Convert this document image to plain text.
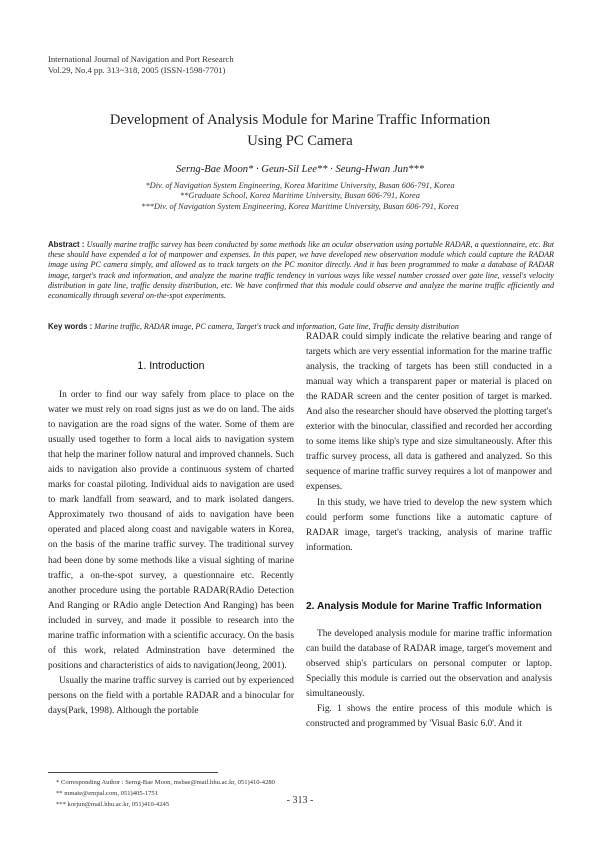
International Journal of Navigation and Port Research
Vol.29, No.4 pp. 313~318, 2005 (ISSN-1598-7701)
Development of Analysis Module for Marine Traffic Information
Using PC Camera
Serng-Bae Moon* · Geun-Sil Lee** · Seung-Hwan Jun***
*Div. of Navigation System Engineering, Korea Maritime University, Busan 606-791, Korea
**Graduate School, Korea Maritime University, Busan 606-791, Korea
***Div. of Navigation System Engineering, Korea Maritime University, Busan 606-791, Korea
Abstract : Usually marine traffic survey has been conducted by some methods like an ocular observation using portable RADAR, a questionnaire, etc. But these should have expended a lot of manpower and expenses. In this paper, we have developed new observation module which could capture the RADAR image using PC camera simply, and allowed as to track targets on the PC monitor directly. And it has been programmed to make a database of RADAR image, target's track and information, and analyze the marine traffic tendency in various ways like vessel number crossed over gate line, vessel's velocity distribution in gate line, traffic density distribution, etc. We have confirmed that this module could observe and analyze the marine traffic efficiently and economically through several on-the-spot experiments.
Key words : Marine traffic, RADAR image, PC camera, Target's track and information, Gate line, Traffic density distribution
1. Introduction

In order to find our way safely from place to place on the water we must rely on road signs just as we do on land. The aids to navigation are the road signs of the water. Some of them are usually used together to form a local aids to navigation system that help the mariner follow natural and improved channels. Such aids to navigation also provide a continuous system of charted marks for coastal piloting. Individual aids to navigation are used to mark landfall from seaward, and to mark isolated dangers. Approximately two thousand of aids to navigation have been operated and placed along coast and navigable waters in Korea, on the basis of the marine traffic survey. The traditional survey had been done by some methods like a visual sighting of marine traffic, a on-the-spot survey, a questionnaire etc. Recently another procedure using the portable RADAR(RAdio Detection And Ranging or RAdio angle Detection And Ranging) has been included in survey, and made it possible to research into the marine traffic information with a scientific accuracy. On the basis of this work, related Adminstration have determined the positions and characteristics of aids to navigation(Jeong, 2001).

Usually the marine traffic survey is carried out by experienced persons on the field with a portable RADAR and a binocular for days(Park, 1998). Although the portable

RADAR could simply indicate the relative bearing and range of targets which are very essential information for the marine traffic analysis, the tracking of targets has been still conducted in a manual way which a transparent paper or material is placed on the RADAR screen and the center position of target is marked. And also the researcher should have observed the plotting target's exterior with the binocular, classified and recorded her according to some items like ship's type and size simultaneously. After this traffic survey process, all data is gathered and analyzed. So this sequence of marine traffic survey requires a lot of manpower and expenses.

In this study, we have tried to develop the new system which could perform some functions like a automatic capture of RADAR image, target's tracking, analysis of marine traffic information.

2. Analysis Module for Marine Traffic Information

The developed analysis module for marine traffic information can build the database of RADAR image, target's movement and observed ship's particulars on personal computer or laptop. Specially this module is carried out the observation and analysis simultaneously.

Fig. 1 shows the entire process of this module which is constructed and programmed by 'Visual Basic 6.0'. And it

* Corresponding Author : Serng-Bae Moon, msbae@mail.hhu.ac.kr, 051)410-4280
** mmate@empal.com, 051)405-1751
*** korjun@mail.hhu.ac.kr, 051)410-4245	- 313 -
